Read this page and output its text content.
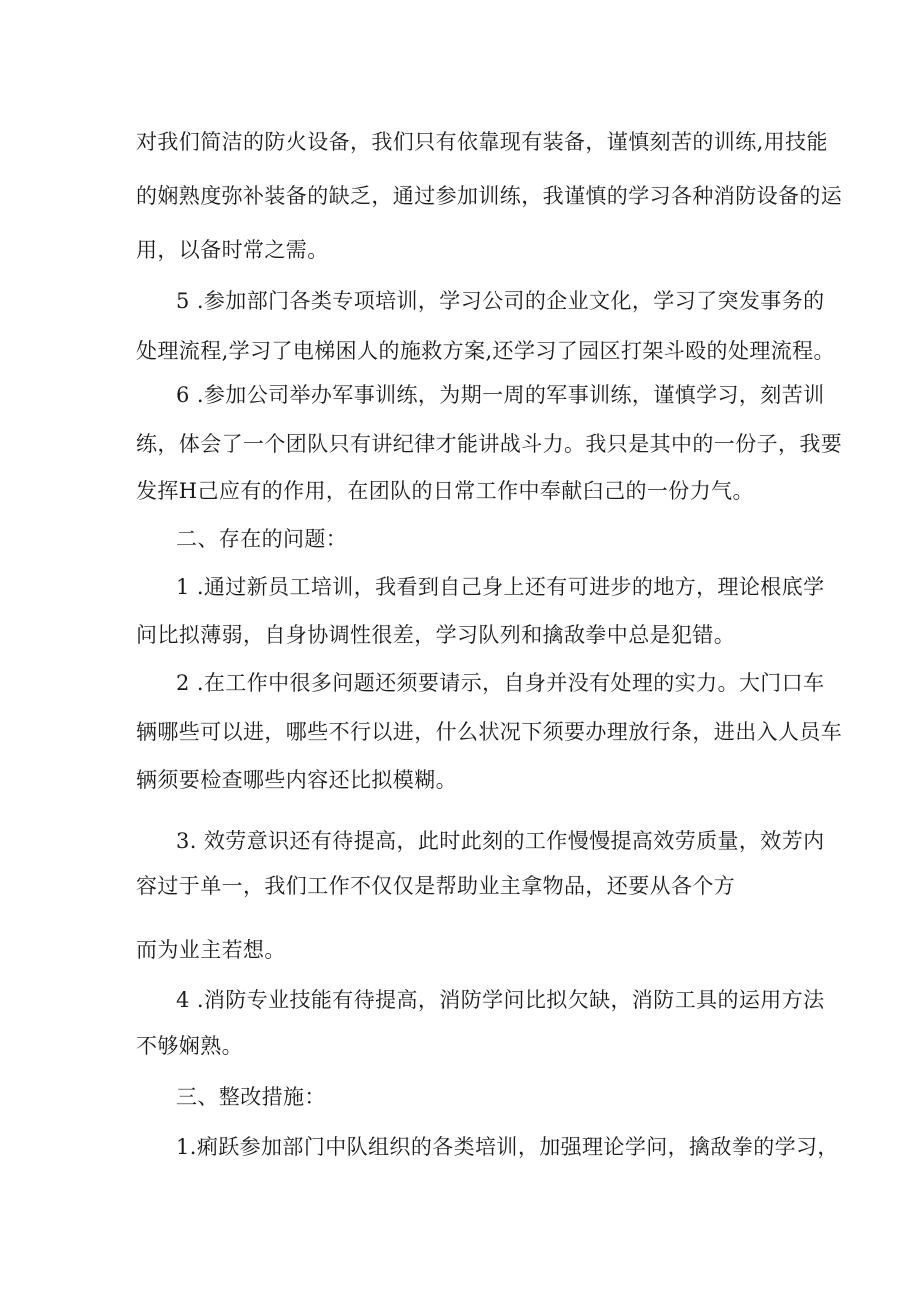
对我们简洁的防火设备，我们只有依靠现有装备，谨慎刻苦的训练,用技能
的娴熟度弥补装备的缺乏，通过参加训练，我谨慎的学习各种消防设备的运
用，以备时常之需。
5 .参加部门各类专项培训，学习公司的企业文化，学习了突发事务的
处理流程,学习了电梯困人的施救方案,还学习了园区打架斗殴的处理流程。
6 .参加公司举办军事训练，为期一周的军事训练，谨慎学习，刻苦训
练，体会了一个团队只有讲纪律才能讲战斗力。我只是其中的一份子，我要
发挥H己应有的作用，在团队的日常工作中奉献臼己的一份力气。
二、存在的问题：
1 .通过新员工培训，我看到自己身上还有可进步的地方，理论根底学
问比拟薄弱，自身协调性很差，学习队列和擒敌拳中总是犯错。
2 .在工作中很多问题还须要请示，自身并没有处理的实力。大门口车
辆哪些可以进，哪些不行以进，什么状况下须要办理放行条，进出入人员车
辆须要检查哪些内容还比拟模糊。
3. 效劳意识还有待提高，此时此刻的工作慢慢提高效劳质量，效芳内
容过于单一，我们工作不仅仅是帮助业主拿物品，还要从各个方
而为业主若想。
4 .消防专业技能有待提高，消防学问比拟欠缺，消防工具的运用方法
不够娴熟。
三、整改措施：
1.痢跃参加部门中队组织的各类培训，加强理论学问，擒敌拳的学习，
